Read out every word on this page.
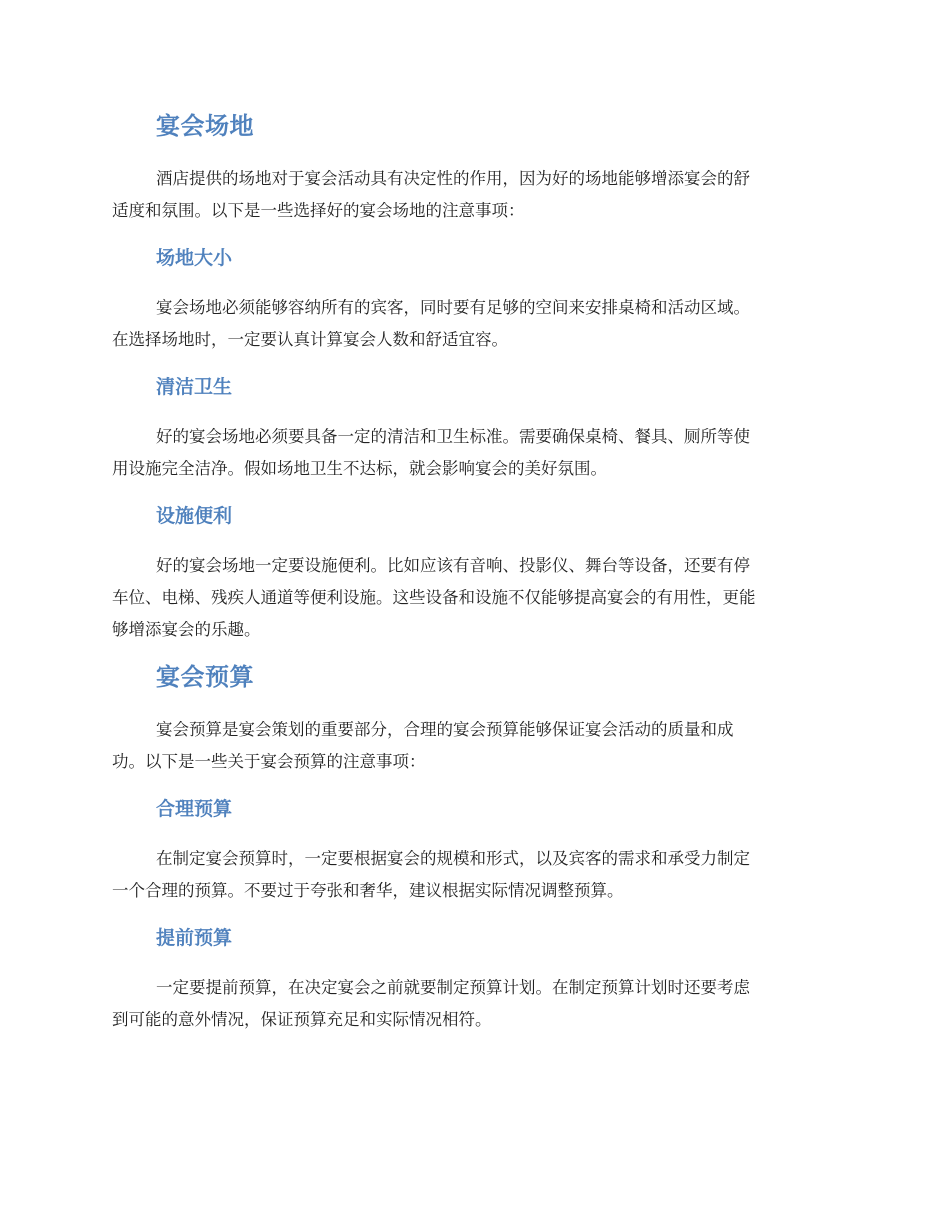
宴会场地
酒店提供的场地对于宴会活动具有决定性的作用，因为好的场地能够增添宴会的舒
适度和氛围。以下是一些选择好的宴会场地的注意事项：
场地大小
宴会场地必须能够容纳所有的宾客，同时要有足够的空间来安排桌椅和活动区域。
在选择场地时，一定要认真计算宴会人数和舒适宜容。
清洁卫生
好的宴会场地必须要具备一定的清洁和卫生标准。需要确保桌椅、餐具、厕所等使
用设施完全洁净。假如场地卫生不达标，就会影响宴会的美好氛围。
设施便利
好的宴会场地一定要设施便利。比如应该有音响、投影仪、舞台等设备，还要有停
车位、电梯、残疾人通道等便利设施。这些设备和设施不仅能够提高宴会的有用性，更能
够增添宴会的乐趣。
宴会预算
宴会预算是宴会策划的重要部分，合理的宴会预算能够保证宴会活动的质量和成
功。以下是一些关于宴会预算的注意事项：
合理预算
在制定宴会预算时，一定要根据宴会的规模和形式，以及宾客的需求和承受力制定
一个合理的预算。不要过于夸张和奢华，建议根据实际情况调整预算。
提前预算
一定要提前预算，在决定宴会之前就要制定预算计划。在制定预算计划时还要考虑
到可能的意外情况，保证预算充足和实际情况相符。
